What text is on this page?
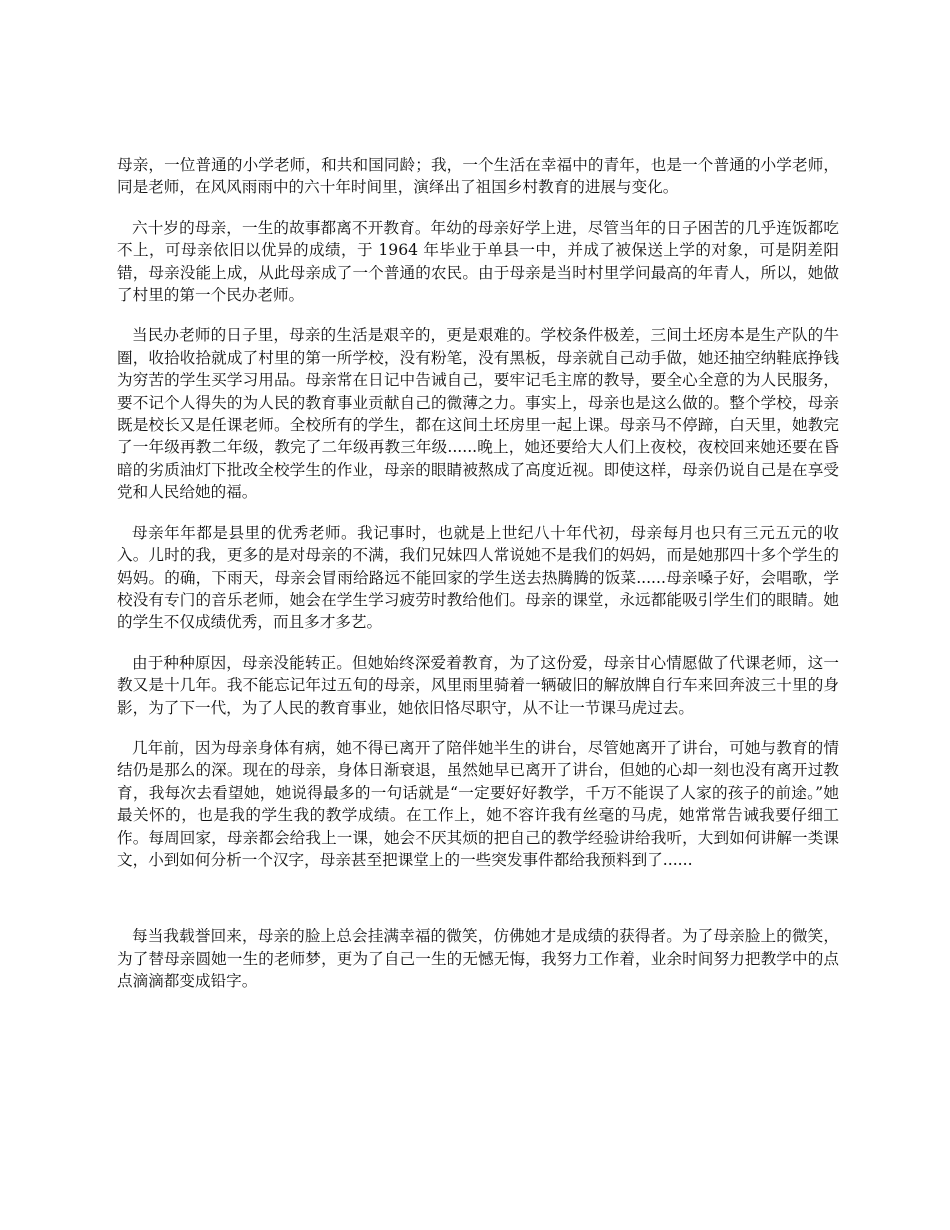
母亲，一位普通的小学老师，和共和国同龄；我，一个生活在幸福中的青年，也是一个普通的小学老师，同是老师，在风风雨雨中的六十年时间里，演绎出了祖国乡村教育的进展与变化。

六十岁的母亲，一生的故事都离不开教育。年幼的母亲好学上进，尽管当年的日子困苦的几乎连饭都吃不上，可母亲依旧以优异的成绩，于 1964 年毕业于单县一中，并成了被保送上学的对象，可是阴差阳错，母亲没能上成，从此母亲成了一个普通的农民。由于母亲是当时村里学问最高的年青人，所以，她做了村里的第一个民办老师。

当民办老师的日子里，母亲的生活是艰辛的，更是艰难的。学校条件极差，三间土坯房本是生产队的牛圈，收拾收拾就成了村里的第一所学校，没有粉笔，没有黑板，母亲就自己动手做，她还抽空纳鞋底挣钱为穷苦的学生买学习用品。母亲常在日记中告诫自己，要牢记毛主席的教导，要全心全意的为人民服务，要不记个人得失的为人民的教育事业贡献自己的微薄之力。事实上，母亲也是这么做的。整个学校，母亲既是校长又是任课老师。全校所有的学生，都在这间土坯房里一起上课。母亲马不停蹄，白天里，她教完了一年级再教二年级，教完了二年级再教三年级......晚上，她还要给大人们上夜校，夜校回来她还要在昏暗的劣质油灯下批改全校学生的作业，母亲的眼睛被熬成了高度近视。即使这样，母亲仍说自己是在享受党和人民给她的福。

母亲年年都是县里的优秀老师。我记事时，也就是上世纪八十年代初，母亲每月也只有三元五元的收入。儿时的我，更多的是对母亲的不满，我们兄妹四人常说她不是我们的妈妈，而是她那四十多个学生的妈妈。的确，下雨天，母亲会冒雨给路远不能回家的学生送去热腾腾的饭菜......母亲嗓子好，会唱歌，学校没有专门的音乐老师，她会在学生学习疲劳时教给他们。母亲的课堂，永远都能吸引学生们的眼睛。她的学生不仅成绩优秀，而且多才多艺。

由于种种原因，母亲没能转正。但她始终深爱着教育，为了这份爱，母亲甘心情愿做了代课老师，这一教又是十几年。我不能忘记年过五旬的母亲，风里雨里骑着一辆破旧的解放牌自行车来回奔波三十里的身影，为了下一代，为了人民的教育事业，她依旧恪尽职守，从不让一节课马虎过去。

几年前，因为母亲身体有病，她不得已离开了陪伴她半生的讲台，尽管她离开了讲台，可她与教育的情结仍是那么的深。现在的母亲，身体日渐衰退，虽然她早已离开了讲台，但她的心却一刻也没有离开过教育，我每次去看望她，她说得最多的一句话就是“一定要好好教学，千万不能误了人家的孩子的前途。”她最关怀的，也是我的学生我的教学成绩。在工作上，她不容许我有丝毫的马虎，她常常告诫我要仔细工作。每周回家，母亲都会给我上一课，她会不厌其烦的把自己的教学经验讲给我听，大到如何讲解一类课文，小到如何分析一个汉字，母亲甚至把课堂上的一些突发事件都给我预料到了......

每当我载誉回来，母亲的脸上总会挂满幸福的微笑，仿佛她才是成绩的获得者。为了母亲脸上的微笑，为了替母亲圆她一生的老师梦，更为了自己一生的无憾无悔，我努力工作着，业余时间努力把教学中的点点滴滴都变成铅字。
